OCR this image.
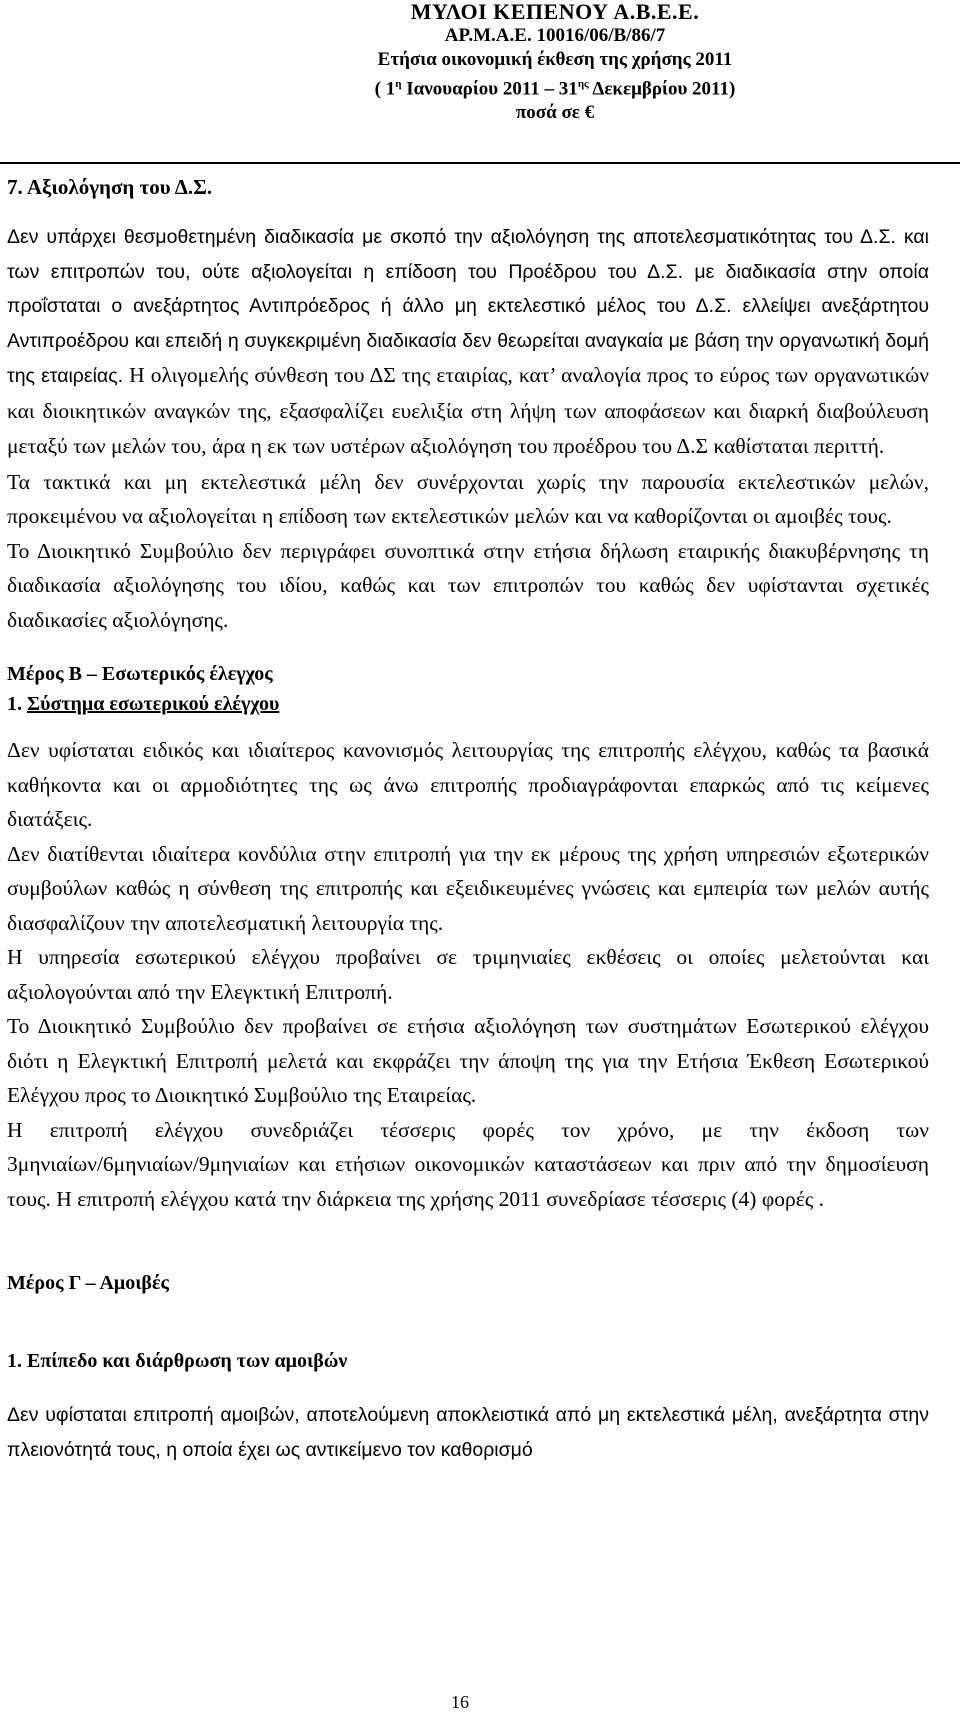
ΜΥΛΟΙ ΚΕΠΕΝΟΥ Α.Β.Ε.Ε.
ΑΡ.Μ.Α.Ε. 10016/06/Β/86/7
Ετήσια οικονομική έκθεση της χρήσης 2011
( $1^\eta$ Ιανουαρίου $2011 - 31^{\eta\varsigma}$ Δεκεμβρίου 2011)
ποσά σε €

7. Αξιολόγηση του Δ.Σ.

Δεν υπάρχει θεσμοθετημένη διαδικασία με σκοπό την αξιολόγηση της αποτελεσματικότητας του Δ.Σ. και των επιτροπών του, ούτε αξιολογείται η επίδοση του Προέδρου του Δ.Σ. με διαδικασία στην οποία προΐσταται ο ανεξάρτητος Αντιπρόεδρος ή άλλο μη εκτελεστικό μέλος του Δ.Σ. ελλείψει ανεξάρτητου Αντιπροέδρου και επειδή η συγκεκριμένη διαδικασία δεν θεωρείται αναγκαία με βάση την οργανωτική δομή της εταιρείας. Η ολιγομελής σύνθεση του ΔΣ της εταιρίας, κατ’ αναλογία προς το εύρος των οργανωτικών και διοικητικών αναγκών της, εξασφαλίζει ευελιξία στη λήψη των αποφάσεων και διαρκή διαβούλευση μεταξύ των μελών του, άρα η εκ των υστέρων αξιολόγηση του προέδρου του Δ.Σ καθίσταται περιττή.

Τα τακτικά και μη εκτελεστικά μέλη δεν συνέρχονται χωρίς την παρουσία εκτελεστικών μελών, προκειμένου να αξιολογείται η επίδοση των εκτελεστικών μελών και να καθορίζονται οι αμοιβές τους.

Το Διοικητικό Συμβούλιο δεν περιγράφει συνοπτικά στην ετήσια δήλωση εταιρικής διακυβέρνησης τη διαδικασία αξιολόγησης του ιδίου, καθώς και των επιτροπών του καθώς δεν υφίστανται σχετικές διαδικασίες αξιολόγησης.

Μέρος Β – Εσωτερικός έλεγχος

1. Σύστημα εσωτερικού ελέγχου

Δεν υφίσταται ειδικός και ιδιαίτερος κανονισμός λειτουργίας της επιτροπής ελέγχου, καθώς τα βασικά καθήκοντα και οι αρμοδιότητες της ως άνω επιτροπής προδιαγράφονται επαρκώς από τις κείμενες διατάξεις.

Δεν διατίθενται ιδιαίτερα κονδύλια στην επιτροπή για την εκ μέρους της χρήση υπηρεσιών εξωτερικών συμβούλων καθώς η σύνθεση της επιτροπής και εξειδικευμένες γνώσεις και εμπειρία των μελών αυτής διασφαλίζουν την αποτελεσματική λειτουργία της.

Η υπηρεσία εσωτερικού ελέγχου προβαίνει σε τριμηνιαίες εκθέσεις οι οποίες μελετούνται και αξιολογούνται από την Ελεγκτική Επιτροπή.

Το Διοικητικό Συμβούλιο δεν προβαίνει σε ετήσια αξιολόγηση των συστημάτων Εσωτερικού ελέγχου διότι η Ελεγκτική Επιτροπή μελετά και εκφράζει την άποψη της για την Ετήσια Έκθεση Εσωτερικού Ελέγχου προς το Διοικητικό Συμβούλιο της Εταιρείας.

Η επιτροπή ελέγχου συνεδριάζει τέσσερις φορές τον χρόνο, με την έκδοση των 3μηνιαίων/6μηνιαίων/9μηνιαίων και ετήσιων οικονομικών καταστάσεων και πριν από την δημοσίευση τους. Η επιτροπή ελέγχου κατά την διάρκεια της χρήσης 2011 συνεδρίασε τέσσερις (4) φορές .

Μέρος Γ – Αμοιβές

1. Επίπεδο και διάρθρωση των αμοιβών

Δεν υφίσταται επιτροπή αμοιβών, αποτελούμενη αποκλειστικά από μη εκτελεστικά μέλη, ανεξάρτητα στην πλειονότητά τους, η οποία έχει ως αντικείμενο τον καθορισμό

16
